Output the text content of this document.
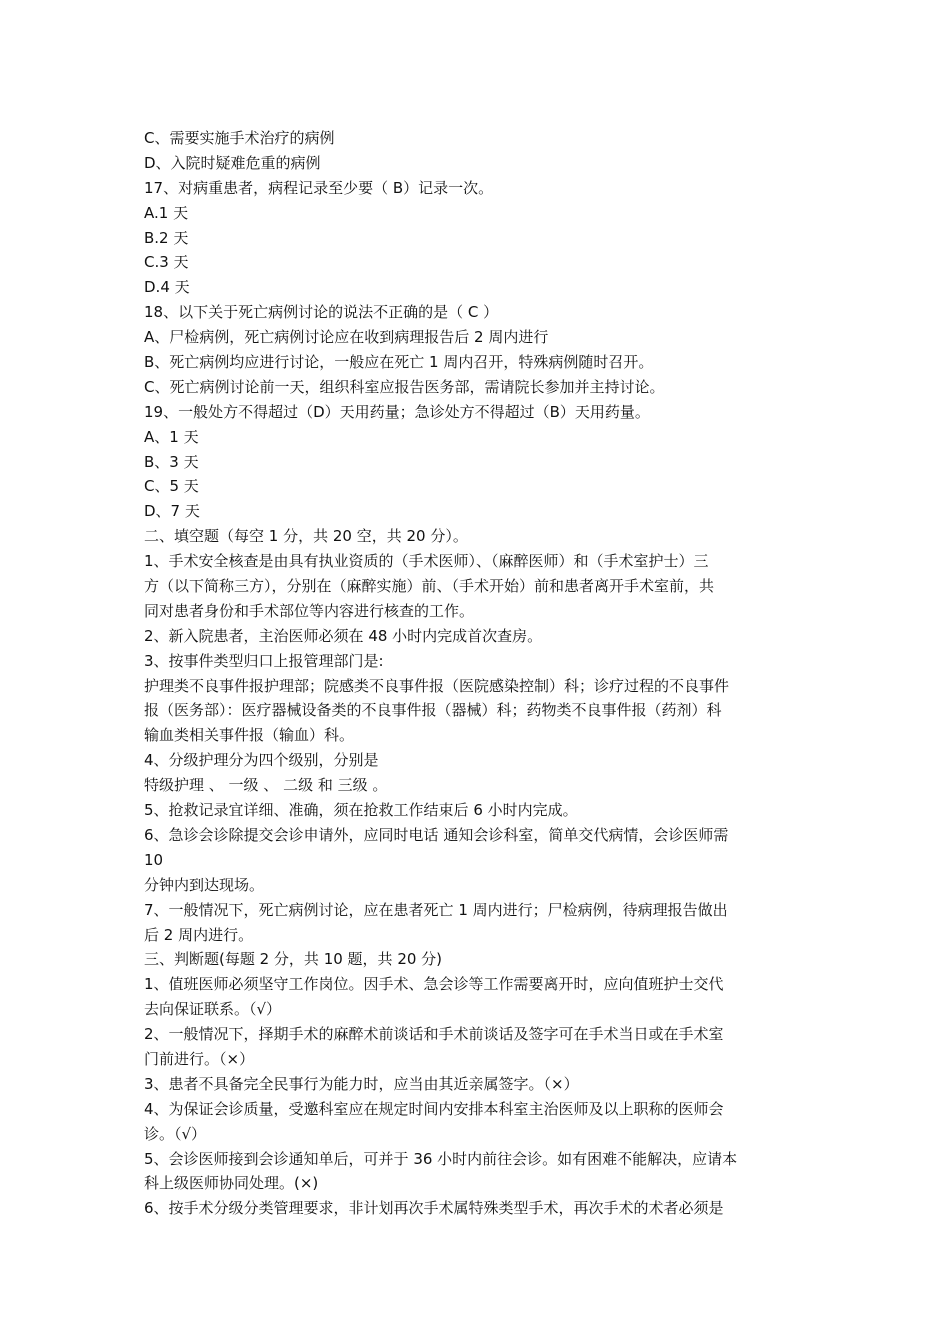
C、需要实施手术治疗的病例
D、入院时疑难危重的病例
17、对病重患者，病程记录至少要（ B）记录一次。
A.1 天
B.2 天
C.3 天
D.4 天
18、以下关于死亡病例讨论的说法不正确的是（ C ）
A、尸检病例，死亡病例讨论应在收到病理报告后 2 周内进行
B、死亡病例均应进行讨论，一般应在死亡 1 周内召开，特殊病例随时召开。
C、死亡病例讨论前一天，组织科室应报告医务部，需请院长参加并主持讨论。
19、一般处方不得超过（D）天用药量；急诊处方不得超过（B）天用药量。
A、1 天
B、3 天
C、5 天
D、7 天
二、填空题（每空 1 分，共 20 空，共 20 分）。
1、手术安全核查是由具有执业资质的（手术医师）、（麻醉医师）和（手术室护士）三
方（以下简称三方），分别在（麻醉实施）前、（手术开始）前和患者离开手术室前，共
同对患者身份和手术部位等内容进行核查的工作。
2、新入院患者，主治医师必须在 48 小时内完成首次查房。
3、按事件类型归口上报管理部门是:
护理类不良事件报护理部；院感类不良事件报（医院感染控制）科；诊疗过程的不良事件
报（医务部）：医疗器械设备类的不良事件报（器械）科；药物类不良事件报（药剂）科
输血类相关事件报（输血）科。
4、分级护理分为四个级别，分别是
特级护理 、 一级 、 二级 和 三级 。
5、抢救记录宜详细、准确，须在抢救工作结束后 6 小时内完成。
6、急诊会诊除提交会诊申请外，应同时电话 通知会诊科室，简单交代病情，会诊医师需
10
分钟内到达现场。
7、一般情况下，死亡病例讨论，应在患者死亡 1 周内进行；尸检病例，待病理报告做出
后 2 周内进行。
三、判断题(每题 2 分，共 10 题，共 20 分)
1、值班医师必须坚守工作岗位。因手术、急会诊等工作需要离开时，应向值班护士交代
去向保证联系。（√）
2、一般情况下，择期手术的麻醉术前谈话和手术前谈话及签字可在手术当日或在手术室
门前进行。（×）
3、患者不具备完全民事行为能力时，应当由其近亲属签字。（×）
4、为保证会诊质量，受邀科室应在规定时间内安排本科室主治医师及以上职称的医师会
诊。（√）
5、会诊医师接到会诊通知单后，可并于 36 小时内前往会诊。如有困难不能解决，应请本
科上级医师协同处理。(×)
6、按手术分级分类管理要求，非计划再次手术属特殊类型手术，再次手术的术者必须是
